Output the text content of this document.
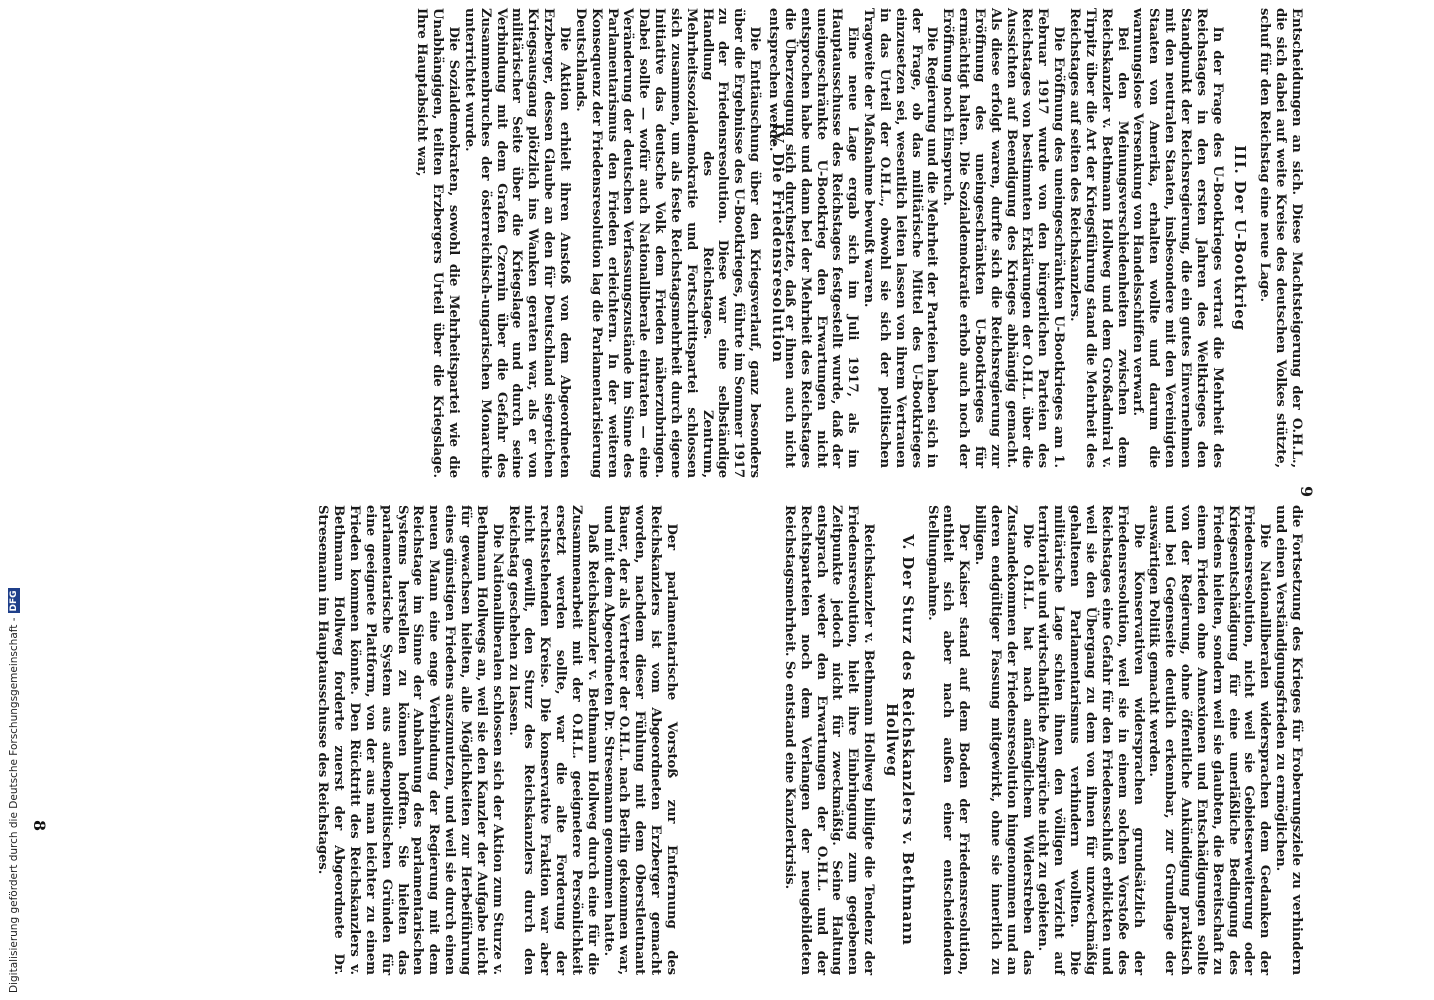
9

Entscheidungen an sich. Diese Machtsteigerung der O.H.L., die sich dabei auf weite Kreise des deutschen Volkes stützte, schuf für den Reichstag eine neue Lage.

III. Der U-Bootkrieg

In der Frage des U-Bootkrieges vertrat die Mehrheit des Reichstages in den ersten Jahren des Weltkrieges den Standpunkt der Reichsregierung, die ein gutes Einvernehmen mit den neutralen Staaten, insbesondere mit den Vereinigten Staaten von Amerika, erhalten wollte und darum die warnungslose Versenkung von Handelsschiffen verwarf.

Bei den Meinungsverschiedenheiten zwischen dem Reichskanzler v. Bethmann Hollweg und dem Großadmiral v. Tirpitz über die Art der Kriegsführung stand die Mehrheit des Reichstages auf seiten des Reichskanzlers.

Die Eröffnung des uneingeschränkten U-Bootkrieges am 1. Februar 1917 wurde von den bürgerlichen Parteien des Reichstages von bestimmten Erklärungen der O.H.L. über die Aussichten auf Beendigung des Krieges abhängig gemacht. Als diese erfolgt waren, durfte sich die Reichsregierung zur Eröffnung des uneingeschränkten U-Bootkrieges für ermächtigt halten. Die Sozialdemokratie erhob auch noch der Eröffnung noch Einspruch.

Die Regierung und die Mehrheit der Parteien haben sich in der Frage, ob das militärische Mittel des U-Bootkrieges einzusetzen sei, wesentlich leiten lassen von ihrem Vertrauen in das Urteil der O.H.L., obwohl sie sich der politischen Tragweite der Maßnahme bewußt waren.

Eine neue Lage ergab sich im Juli 1917, als im Hauptausschusse des Reichstages festgestellt wurde, daß der uneingeschränkte U-Bootkrieg den Erwartungen nicht entsprochen habe und dann bei der Mehrheit des Reichstages die Überzeugung sich durchsetzte, daß er ihnen auch nicht entsprechen werde.

IV. Die Friedensresolution

Die Enttäuschung über den Kriegsverlauf, ganz besonders über die Ergebnisse des U-Bootkrieges, führte im Sommer 1917 zu der Friedensresolution. Diese war eine selbständige Handlung des Reichstages. Zentrum, Mehrheitssozialdemokratie und Fortschrittspartei schlossen sich zusammen, um als feste Reichstagsmehrheit durch eigene Initiative das deutsche Volk dem Frieden näherzubringen. Dabei sollte — wofür auch Nationalliberale eintraten — eine Veränderung der deutschen Verfassungszustände im Sinne des Parlamentarismus den Frieden erleichtern. In der weiteren Konsequenz der Friedensresolution lag die Parlamentarisierung Deutschlands.

Die Aktion erhielt ihren Anstoß von dem Abgeordneten Erzberger, dessen Glaube an den für Deutschland siegreichen Kriegsausgang plötzlich ins Wanken geraten war, als er von militärischer Seite über die Kriegslage und durch seine Verbindung mit dem Grafen Czernin über die Gefahr des Zusammenbruches der österreichisch-ungarischen Monarchie unterrichtet wurde.

Die Sozialdemokraten, sowohl die Mehrheitspartei wie die Unabhängigen, teilten Erzbergers Urteil über die Kriegslage. Ihre Hauptabsicht war,

die Fortsetzung des Krieges für Eroberungsziele zu verhindern und einen Verständigungsfrieden zu ermöglichen.

Die Nationalliberalen widersprachen dem Gedanken der Friedensresolution, nicht weil sie Gebietserweiterung oder Kriegsentschädigung für eine unerläßliche Bedingung des Friedens hielten, sondern weil sie glaubten, die Bereitschaft zu einem Frieden ohne Annexionen und Entschädigungen sollte von der Regierung, ohne öffentliche Ankündigung praktisch und bei Gegenseite deutlich erkennbar, zur Grundlage der auswärtigen Politik gemacht werden.

Die Konservativen widersprachen grundsätzlich der Friedensresolution, weil sie in einem solchen Vorstoße des Reichstages eine Gefahr für den Friedensschluß erblickten und weil sie den Übergang zu dem von ihnen für unzweckmäßig gehaltenen Parlamentarismus verhindern wollten. Die militärische Lage schien ihnen den völligen Verzicht auf territoriale und wirtschaftliche Ansprüche nicht zu gebieten.

Die O.H.L. hat nach anfänglichem Widerstreben das Zustandekommen der Friedensresolution hingenommen und an deren endgültiger Fassung mitgewirkt, ohne sie innerlich zu billigen.

Der Kaiser stand auf dem Boden der Friedensresolution, enthielt sich aber nach außen einer entscheidenden Stellungnahme.

V. Der Sturz des Reichskanzlers v. Bethmann Hollweg

Reichskanzler v. Bethmann Hollweg billigte die Tendenz der Friedensresolution, hielt ihre Einbringung zum gegebenen Zeitpunkte jedoch nicht für zweckmäßig. Seine Haltung entsprach weder den Erwartungen der O.H.L. und der Rechtsparteien noch dem Verlangen der neugebildeten Reichstagsmehrheit. So entstand eine Kanzlerkrisis.

Der parlamentarische Vorstoß zur Entfernung des Reichskanzlers ist vom Abgeordneten Erzberger gemacht worden, nachdem dieser Fühlung mit dem Oberstleutnant Bauer, der als Vertreter der O.H.L. nach Berlin gekommen war, und mit dem Abgeordneten Dr. Stresemann genommen hatte.

Daß Reichskanzler v. Bethmann Hollweg durch eine für die Zusammenarbeit mit der O.H.L. geeignetere Persönlichkeit ersetzt werden sollte, war die alte Forderung der rechtsstehenden Kreise. Die konservative Fraktion war aber nicht gewillt, den Sturz des Reichskanzlers durch den Reichstag geschehen zu lassen.

Die Nationalliberalen schlossen sich der Aktion zum Sturze v. Bethmann Hollwegs an, weil sie den Kanzler der Aufgabe nicht für gewachsen hielten, alle Möglichkeiten zur Herbeiführung eines günstigen Friedens auszunutzen, und weil sie durch einen neuen Mann eine enge Verbindung der Regierung mit dem Reichstage im Sinne der Anbahnung des parlamentarischen Systems herstellen zu können hofften. Sie hielten das parlamentarische System aus außenpolitischen Gründen für eine geeignete Plattform, von der aus man leichter zu einem Frieden kommen könnte. Den Rücktritt des Reichskanzlers v. Bethmann Hollweg forderte zuerst der Abgeordnete Dr. Stresemann im Hauptausschusse des Reichstages.

8
Digitalisierung gefördert durch die Deutsche Forschungsgemeinschaft -DFG
